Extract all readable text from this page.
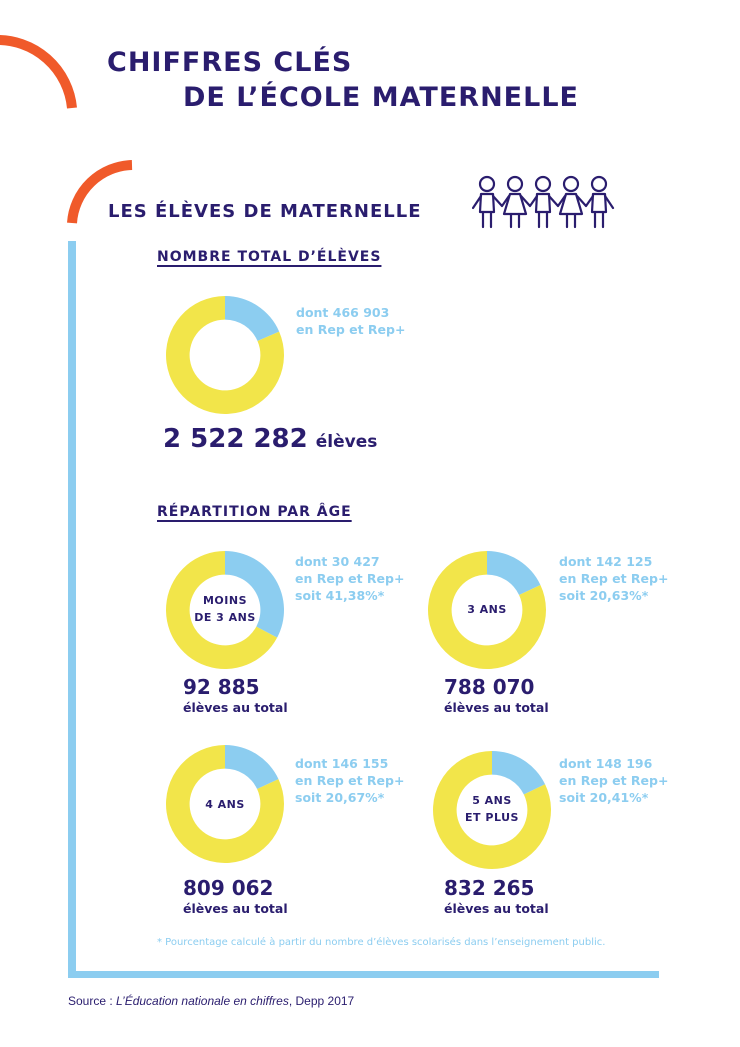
CHIFFRES CLÉS
DE L’ÉCOLE MATERNELLE
LES ÉLÈVES DE MATERNELLE
NOMBRE TOTAL D’ÉLÈVES
dont 466 903
en Rep et Rep+
2 522 282 élèves
RÉPARTITION PAR ÂGE
MOINS
DE 3 ANS
dont 30 427
en Rep et Rep+
soit 41,38%*
92 885
élèves au total
3 ANS
dont 142 125
en Rep et Rep+
soit 20,63%*
788 070
élèves au total
4 ANS
dont 146 155
en Rep et Rep+
soit 20,67%*
809 062
élèves au total
5 ANS
ET PLUS
dont 148 196
en Rep et Rep+
soit 20,41%*
832 265
élèves au total
* Pourcentage calculé à partir du nombre d’élèves scolarisés dans l’enseignement public.
Source : L’Éducation nationale en chiffres, Depp 2017
